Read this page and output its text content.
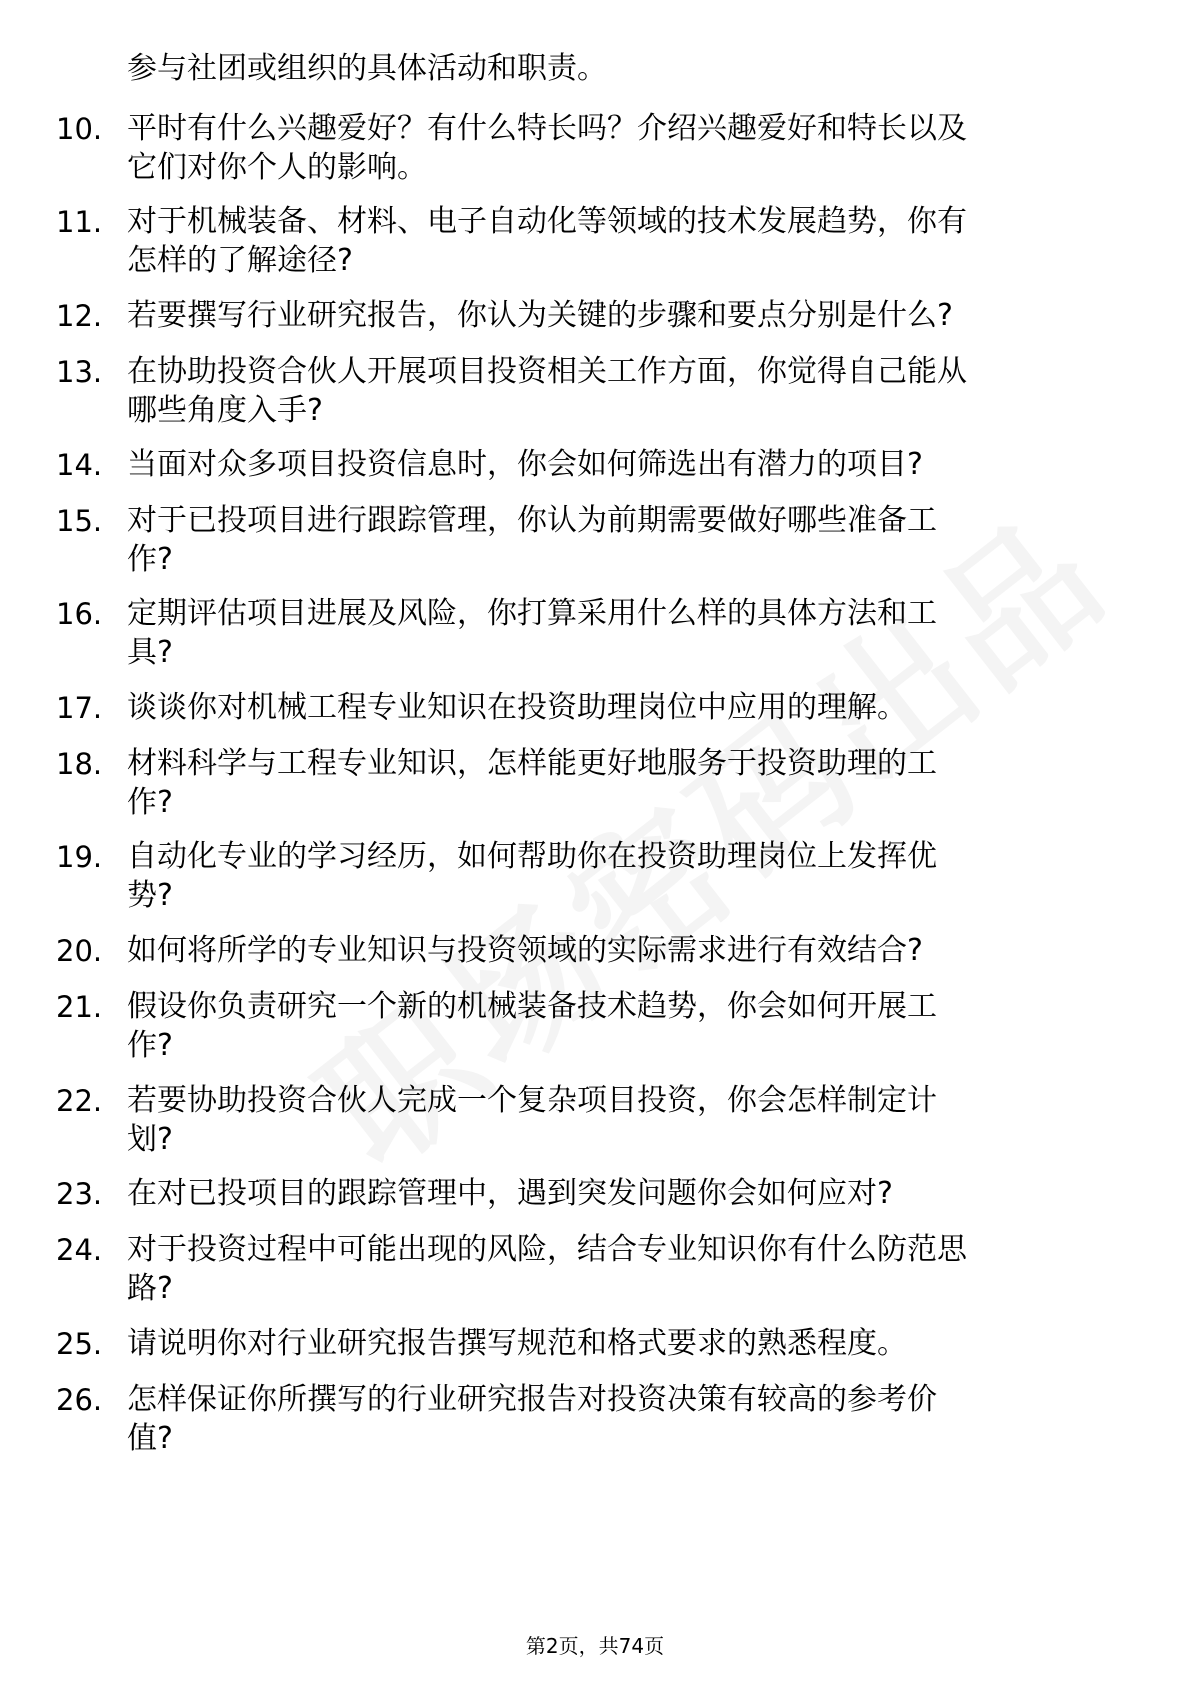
参与社团或组织的具体活动和职责。
10. 平时有什么兴趣爱好？有什么特长吗？介绍兴趣爱好和特长以及
它们对你个人的影响。
11. 对于机械装备、材料、电子自动化等领域的技术发展趋势，你有
怎样的了解途径?
12. 若要撰写行业研究报告，你认为关键的步骤和要点分别是什么?
13. 在协助投资合伙人开展项目投资相关工作方面，你觉得自己能从
哪些角度入手?
14. 当面对众多项目投资信息时，你会如何筛选出有潜力的项目?
15. 对于已投项目进行跟踪管理，你认为前期需要做好哪些准备工
作?
16. 定期评估项目进展及风险，你打算采用什么样的具体方法和工
具?
17. 谈谈你对机械工程专业知识在投资助理岗位中应用的理解。
18. 材料科学与工程专业知识，怎样能更好地服务于投资助理的工
作?
19. 自动化专业的学习经历，如何帮助你在投资助理岗位上发挥优
势?
20. 如何将所学的专业知识与投资领域的实际需求进行有效结合?
21. 假设你负责研究一个新的机械装备技术趋势，你会如何开展工
作?
22. 若要协助投资合伙人完成一个复杂项目投资，你会怎样制定计
划?
23. 在对已投项目的跟踪管理中，遇到突发问题你会如何应对?
24. 对于投资过程中可能出现的风险，结合专业知识你有什么防范思
路?
25. 请说明你对行业研究报告撰写规范和格式要求的熟悉程度。
26. 怎样保证你所撰写的行业研究报告对投资决策有较高的参考价
值?
第2页，共74页
